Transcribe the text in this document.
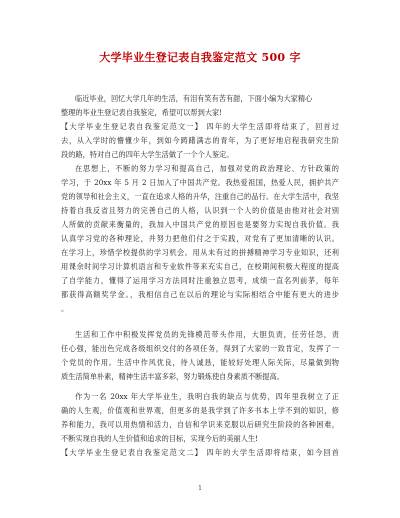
大学毕业生登记表自我鉴定范文 500 字
临近毕业，回忆大学几年的生活，有泪有笑有苦有甜，下面小编为大家精心
整理的毕业生登记表自我鉴定，希望可以帮到大家!
【大学毕业生登记表自我鉴定范文一】 四年的大学生活即将结束了，回首过
去，从入学时的懵懂少年，到如今踌躇满志的青年，为了更好地启程我研究生阶
段的路，特对自己的四年大学生活做了一个个人鉴定。
在思想上，不断的努力学习和提高自己，加强对党的政治理论、方针政策的
学习，于 20xx 年 5 月 2 日加入了中国共产党。我热爱祖国，热爱人民，拥护共产
党的领导和社会主义，一直在追求人格的升华，注重自己的品行。在大学生活中，我坚
持着自我反省且努力的完善自己的人格，认识到一个人的价值是由他对社会对别
人所做的贡献来衡量的，我加入中国共产党的原因也是要努力实现自我价值。我
认真学习党的各种理论，并努力把他们付之于实践，对党有了更加清晰的认识。
在学习上，珍惜学校提供的学习机会。用从未有过的拼搏精神学习专业知识，还利
用课余时间学习计算机语言和专业软件等来充实自己，在校期间积极大程度的提高
了自学能力，懂得了运用学习方法同时注重独立思考，成绩一直名列前茅，每年
都获得高额奖学金。，我相信自己在以后的理论与实际相结合中能有更大的进步
。
生活和工作中积极发挥党员的先锋模范带头作用，大胆负责，任劳任怨，责
任心强，能出色完成各级组织交付的各项任务，得到了大家的一致肯定，发挥了一
个党员的作用。生活中作风优良，待人诚恳，能较好处理人际关际，尽量做到物
质生活简单朴素，精神生活丰富多彩，努力锻炼使自身素质不断提高。
作为一名 20xx 年大学毕业生，我明白我的缺点与优势，四年里我树立了正
确的人生观，价值观和世界观，但更多的是我学到了许多书本上学不到的知识，修
养和能力，我可以用热情和活力，自信和学识来克服以后研究生阶段的各种困难，
不断实现自我的人生价值和追求的目标，实现今后的美丽人生!
【大学毕业生登记表自我鉴定范文二】 四年的大学生活即将结束，如今回首
1
